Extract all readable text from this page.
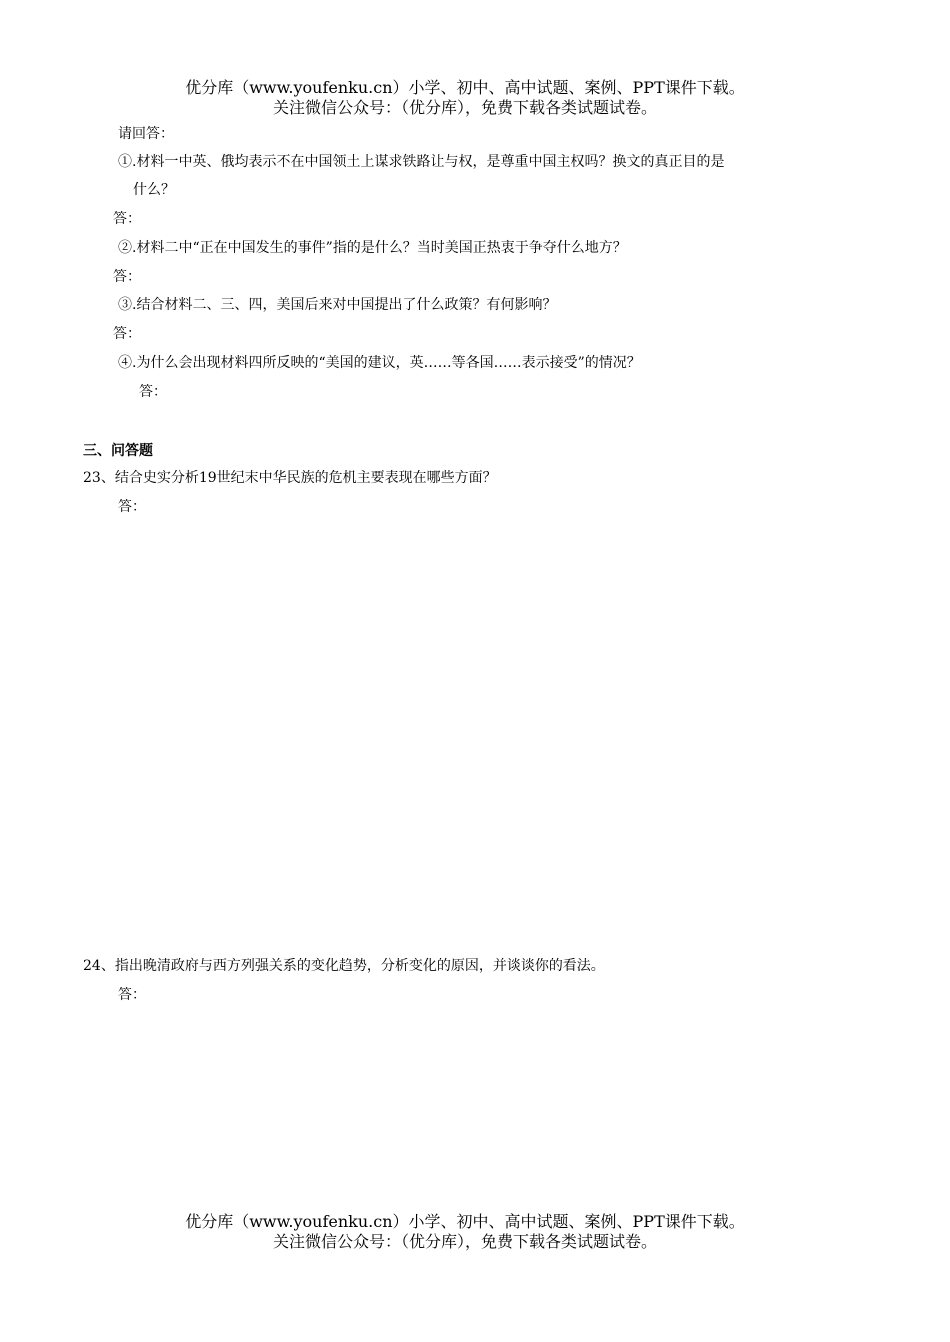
优分库（www.youfenku.cn）小学、初中、高中试题、案例、PPT课件下载。
关注微信公众号：（优分库），免费下载各类试题试卷。
请回答：
①.材料一中英、俄均表示不在中国领土上谋求铁路让与权，是尊重中国主权吗？换文的真正目的是
什么？
答：
②.材料二中“正在中国发生的事件”指的是什么？当时美国正热衷于争夺什么地方？
答：
③.结合材料二、三、四，美国后来对中国提出了什么政策？有何影响？
答：
④.为什么会出现材料四所反映的“美国的建议，英……等各国……表示接受”的情况？
答：
三、问答题
23、结合史实分析19世纪末中华民族的危机主要表现在哪些方面？
答：
24、指出晚清政府与西方列强关系的变化趋势，分析变化的原因，并谈谈你的看法。
答：
优分库（www.youfenku.cn）小学、初中、高中试题、案例、PPT课件下载。
关注微信公众号：（优分库），免费下载各类试题试卷。
